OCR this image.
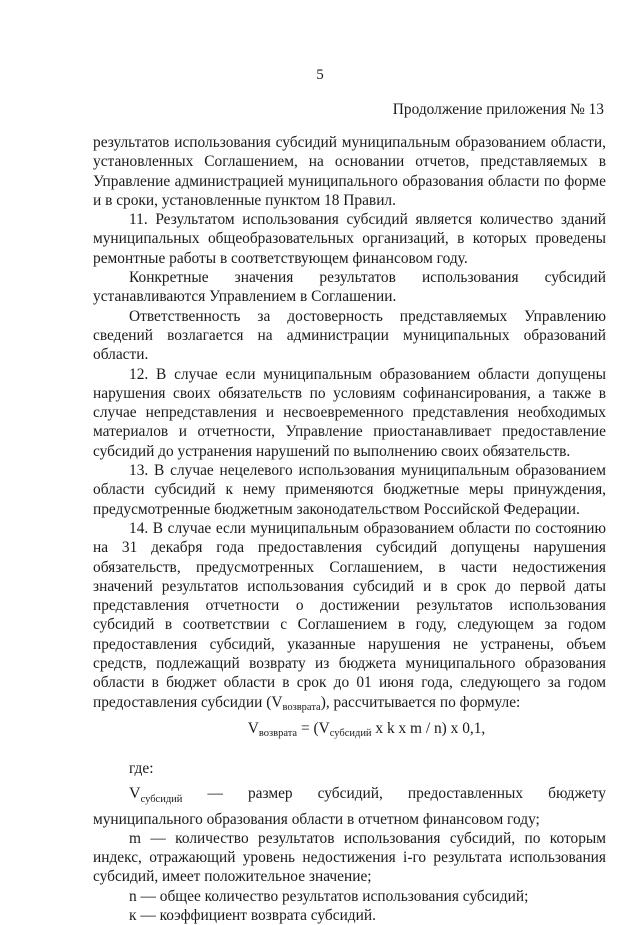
5
Продолжение приложения № 13

результатов использования субсидий муниципальным образованием области, установленных Соглашением, на основании отчетов, представляемых в Управление администрацией муниципального образования области по форме и в сроки, установленные пунктом 18 Правил.

11. Результатом использования субсидий является количество зданий муниципальных общеобразовательных организаций, в которых проведены ремонтные работы в соответствующем финансовом году.

Конкретные значения результатов использования субсидий устанавливаются Управлением в Соглашении.

Ответственность за достоверность представляемых Управлению сведений возлагается на администрации муниципальных образований области.

12. В случае если муниципальным образованием области допущены нарушения своих обязательств по условиям софинансирования, а также в случае непредставления и несвоевременного представления необходимых материалов и отчетности, Управление приостанавливает предоставление субсидий до устранения нарушений по выполнению своих обязательств.

13. В случае нецелевого использования муниципальным образованием области субсидий к нему применяются бюджетные меры принуждения, предусмотренные бюджетным законодательством Российской Федерации.

14. В случае если муниципальным образованием области по состоянию на 31 декабря года предоставления субсидий допущены нарушения обязательств, предусмотренных Соглашением, в части недостижения значений результатов использования субсидий и в срок до первой даты представления отчетности о достижении результатов использования субсидий в соответствии с Соглашением в году, следующем за годом предоставления субсидий, указанные нарушения не устранены, объем средств, подлежащий возврату из бюджета муниципального образования области в бюджет области в срок до 01 июня года, следующего за годом предоставления субсидии $(V_{возврата})$, рассчитывается по формуле:

$V_{возврата} = (V_{субсидий}$ x k x m / n) x 0,1,

где:

$V_{субсидий}$ — размер субсидий, предоставленных бюджету муниципального образования области в отчетном финансовом году;

m — количество результатов использования субсидий, по которым индекс, отражающий уровень недостижения i-го результата использования субсидий, имеет положительное значение;

n — общее количество результатов использования субсидий;

к — коэффициент возврата субсидий.
